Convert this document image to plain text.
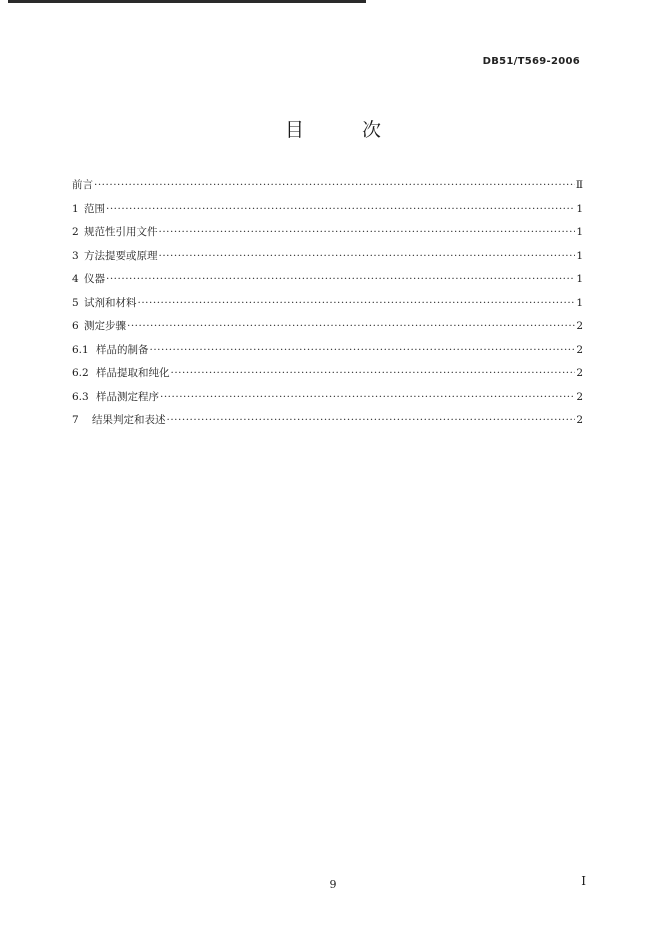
DB51/T569-2006
目 次
前言 ·····	Ⅱ
1 范围 ·····	1
2 规范性引用文件 ·····	1
3 方法提要或原理 ·····	1
4 仪器 ·····	1
5 试剂和材料 ·····	1
6 测定步骤 ·····	2
6.1 样品的制备 ·····	2
6.2 样品提取和纯化 ·····	2
6.3 样品测定程序 ·····	2
7	结果判定和表述 ·····	2
9	I
